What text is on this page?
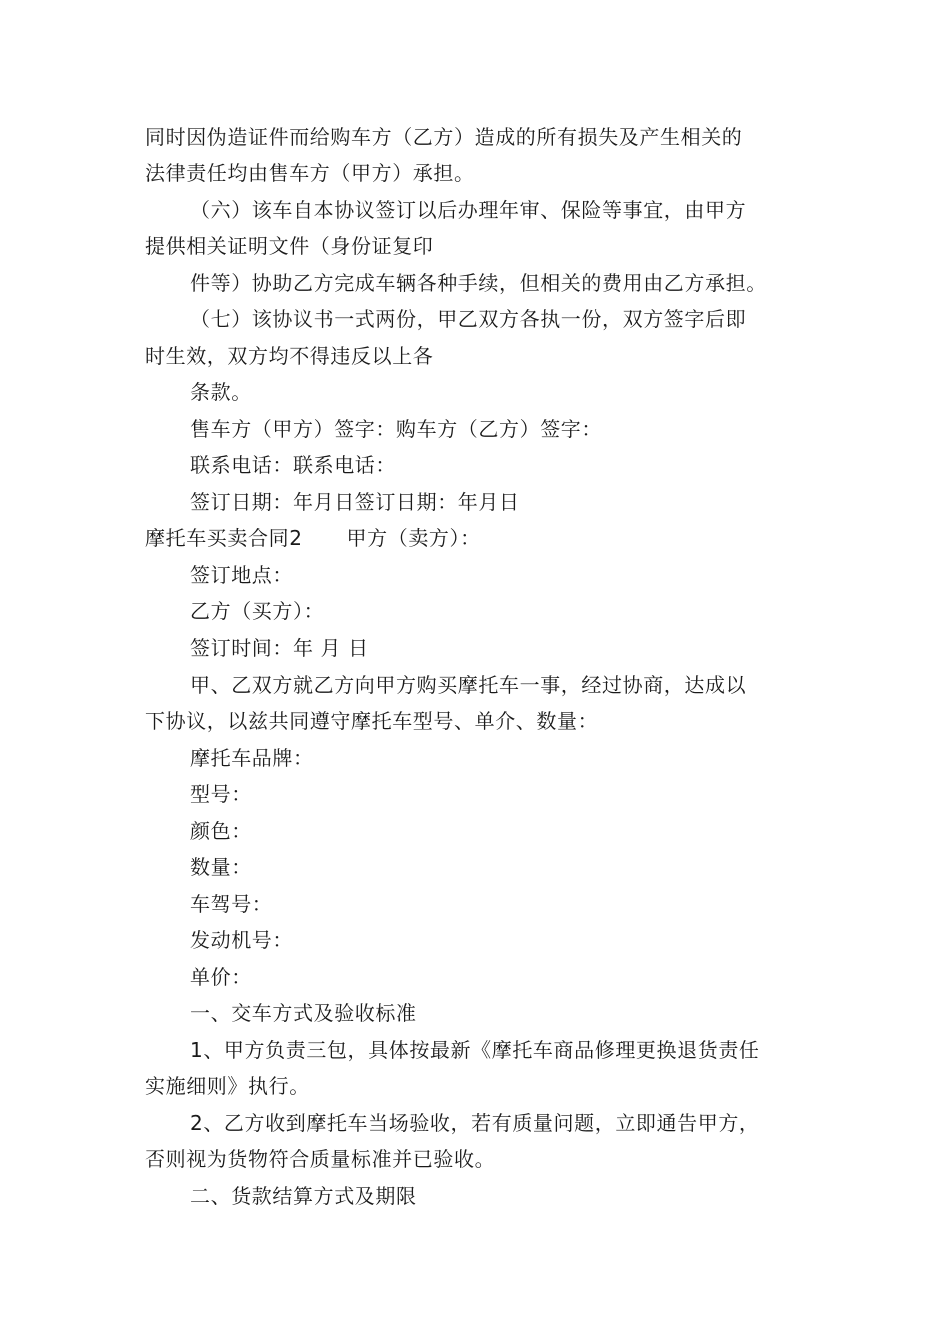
同时因伪造证件而给购车方（乙方）造成的所有损失及产生相关的
法律责任均由售车方（甲方）承担。
（六）该车自本协议签订以后办理年审、保险等事宜，由甲方
提供相关证明文件（身份证复印
件等）协助乙方完成车辆各种手续，但相关的费用由乙方承担。
（七）该协议书一式两份，甲乙双方各执一份，双方签字后即
时生效，双方均不得违反以上各
条款。
售车方（甲方）签字：购车方（乙方）签字：
联系电话：联系电话：
签订日期：年月日签订日期：年月日
摩托车买卖合同2 甲方（卖方）：
签订地点：
乙方（买方）：
签订时间：年 月 日
甲、乙双方就乙方向甲方购买摩托车一事，经过协商，达成以
下协议，以兹共同遵守摩托车型号、单介、数量：
摩托车品牌：
型号：
颜色：
数量：
车驾号：
发动机号：
单价：
一、交车方式及验收标准
1、甲方负责三包，具体按最新《摩托车商品修理更换退货责任
实施细则》执行。
2、乙方收到摩托车当场验收，若有质量问题，立即通告甲方，
否则视为货物符合质量标准并已验收。
二、货款结算方式及期限
